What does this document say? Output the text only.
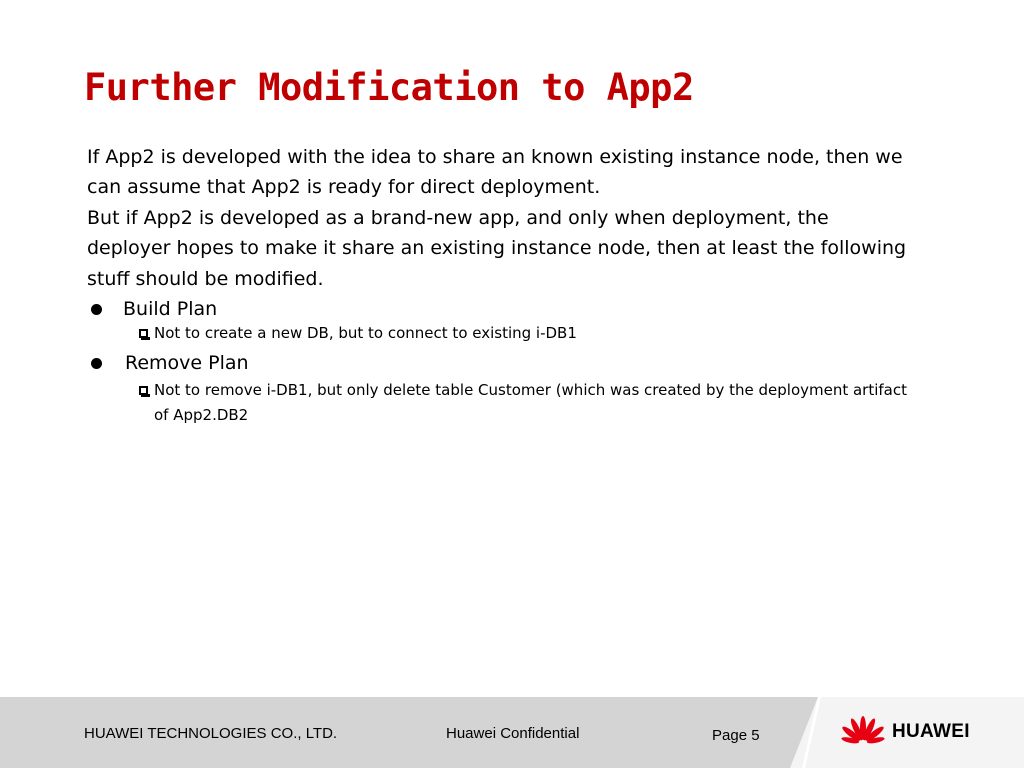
Further Modification to App2

If App2 is developed with the idea to share an known existing instance node, then we can assume that App2 is ready for direct deployment.

But if App2 is developed as a brand-new app, and only when deployment, the deployer hopes to make it share an existing instance node, then at least the following stuff should be modified.

Build Plan
Not to create a new DB, but to connect to existing i-DB1
Remove Plan
Not to remove i-DB1, but only delete table Customer (which was created by the deployment artifact of App2.DB2
HUAWEI TECHNOLOGIES CO., LTD.	Huawei Confidential	Page 5	HUAWEI
